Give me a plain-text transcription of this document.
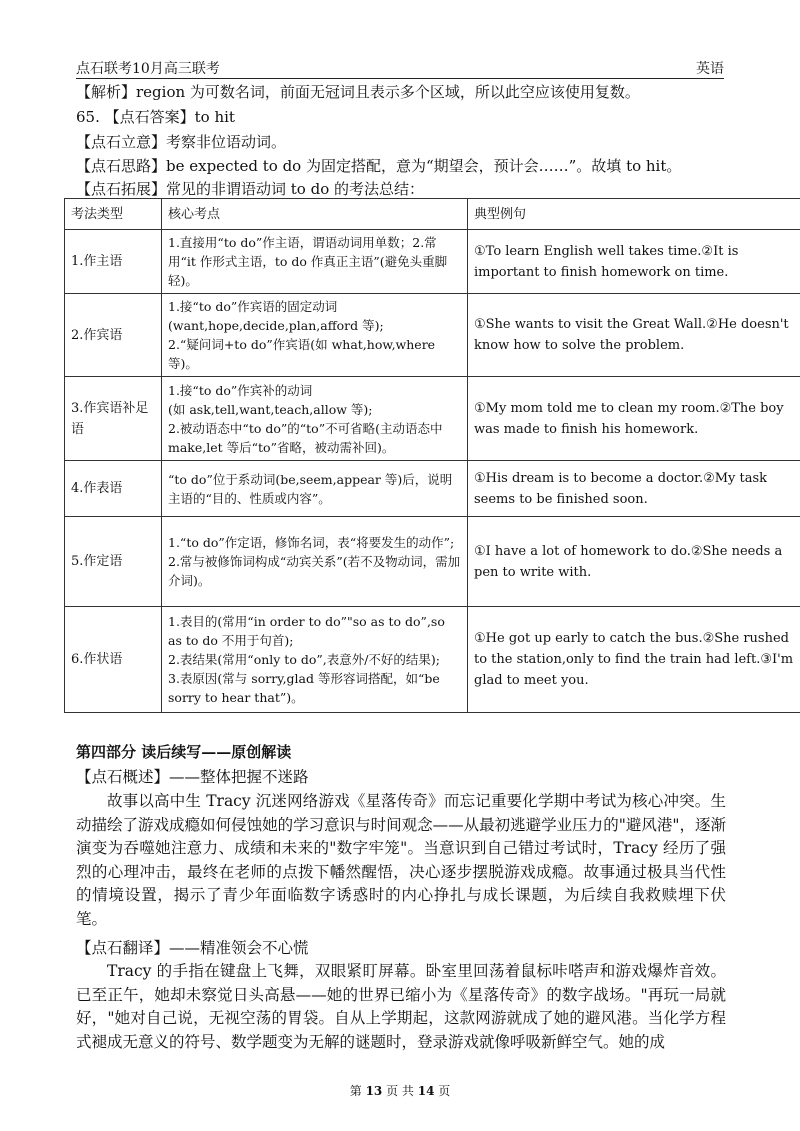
点石联考10月高三联考	英语
【解析】region 为可数名词，前面无冠词且表示多个区域，所以此空应该使用复数。
65. 【点石答案】to hit
【点石立意】考察非位语动词。
【点石思路】be expected to do 为固定搭配，意为“期望会，预计会……”。故填 to hit。
【点石拓展】常见的非谓语动词 to do 的考法总结：
考法类型	核心考点	典型例句
1.作主语	1.直接用“to do”作主语，谓语动词用单数；2.常用“it 作形式主语，to do 作真正主语”(避免头重脚轻)。	①To learn English well takes time.②It is important to finish homework on time.
2.作宾语	1.接“to do”作宾语的固定动词(want,hope,decide,plan,afford 等);
2.“疑问词+to do”作宾语(如 what,how,where 等)。	①She wants to visit the Great Wall.②He doesn't know how to solve the problem.
3.作宾语补足语	1.接“to do”作宾补的动词
(如 ask,tell,want,teach,allow 等);
2.被动语态中“to do”的“to”不可省略(主动语态中 make,let 等后“to”省略，被动需补回)。	①My mom told me to clean my room.②The boy was made to finish his homework.
4.作表语	“to do”位于系动词(be,seem,appear 等)后，说明主语的“目的、性质或内容”。	①His dream is to become a doctor.②My task seems to be finished soon.
5.作定语	1.“to do”作定语，修饰名词，表“将要发生的动作”;
2.常与被修饰词构成“动宾关系”(若不及物动词，需加介词)。	①I have a lot of homework to do.②She needs a pen to write with.
6.作状语	1.表目的(常用“in order to do”"so as to do”,so as to do 不用于句首);
2.表结果(常用“only to do”,表意外/不好的结果);
3.表原因(常与 sorry,glad 等形容词搭配，如“be sorry to hear that”)。	①He got up early to catch the bus.②She rushed to the station,only to find the train had left.③I'm glad to meet you.
第四部分 读后续写——原创解读
【点石概述】——整体把握不迷路
故事以高中生 Tracy 沉迷网络游戏《星落传奇》而忘记重要化学期中考试为核心冲突。生动描绘了游戏成瘾如何侵蚀她的学习意识与时间观念——从最初逃避学业压力的"避风港"，逐渐演变为吞噬她注意力、成绩和未来的"数字牢笼"。当意识到自己错过考试时，Tracy 经历了强烈的心理冲击，最终在老师的点拨下幡然醒悟，决心逐步摆脱游戏成瘾。故事通过极具当代性的情境设置，揭示了青少年面临数字诱惑时的内心挣扎与成长课题，为后续自我救赎埋下伏笔。
【点石翻译】——精准领会不心慌
Tracy 的手指在键盘上飞舞，双眼紧盯屏幕。卧室里回荡着鼠标咔嗒声和游戏爆炸音效。已至正午，她却未察觉日头高悬——她的世界已缩小为《星落传奇》的数字战场。"再玩一局就好，"她对自己说，无视空荡的胃袋。自从上学期起，这款网游就成了她的避风港。当化学方程式褪成无意义的符号、数学题变为无解的谜题时，登录游戏就像呼吸新鲜空气。她的成
第 13 页 共 14 页
